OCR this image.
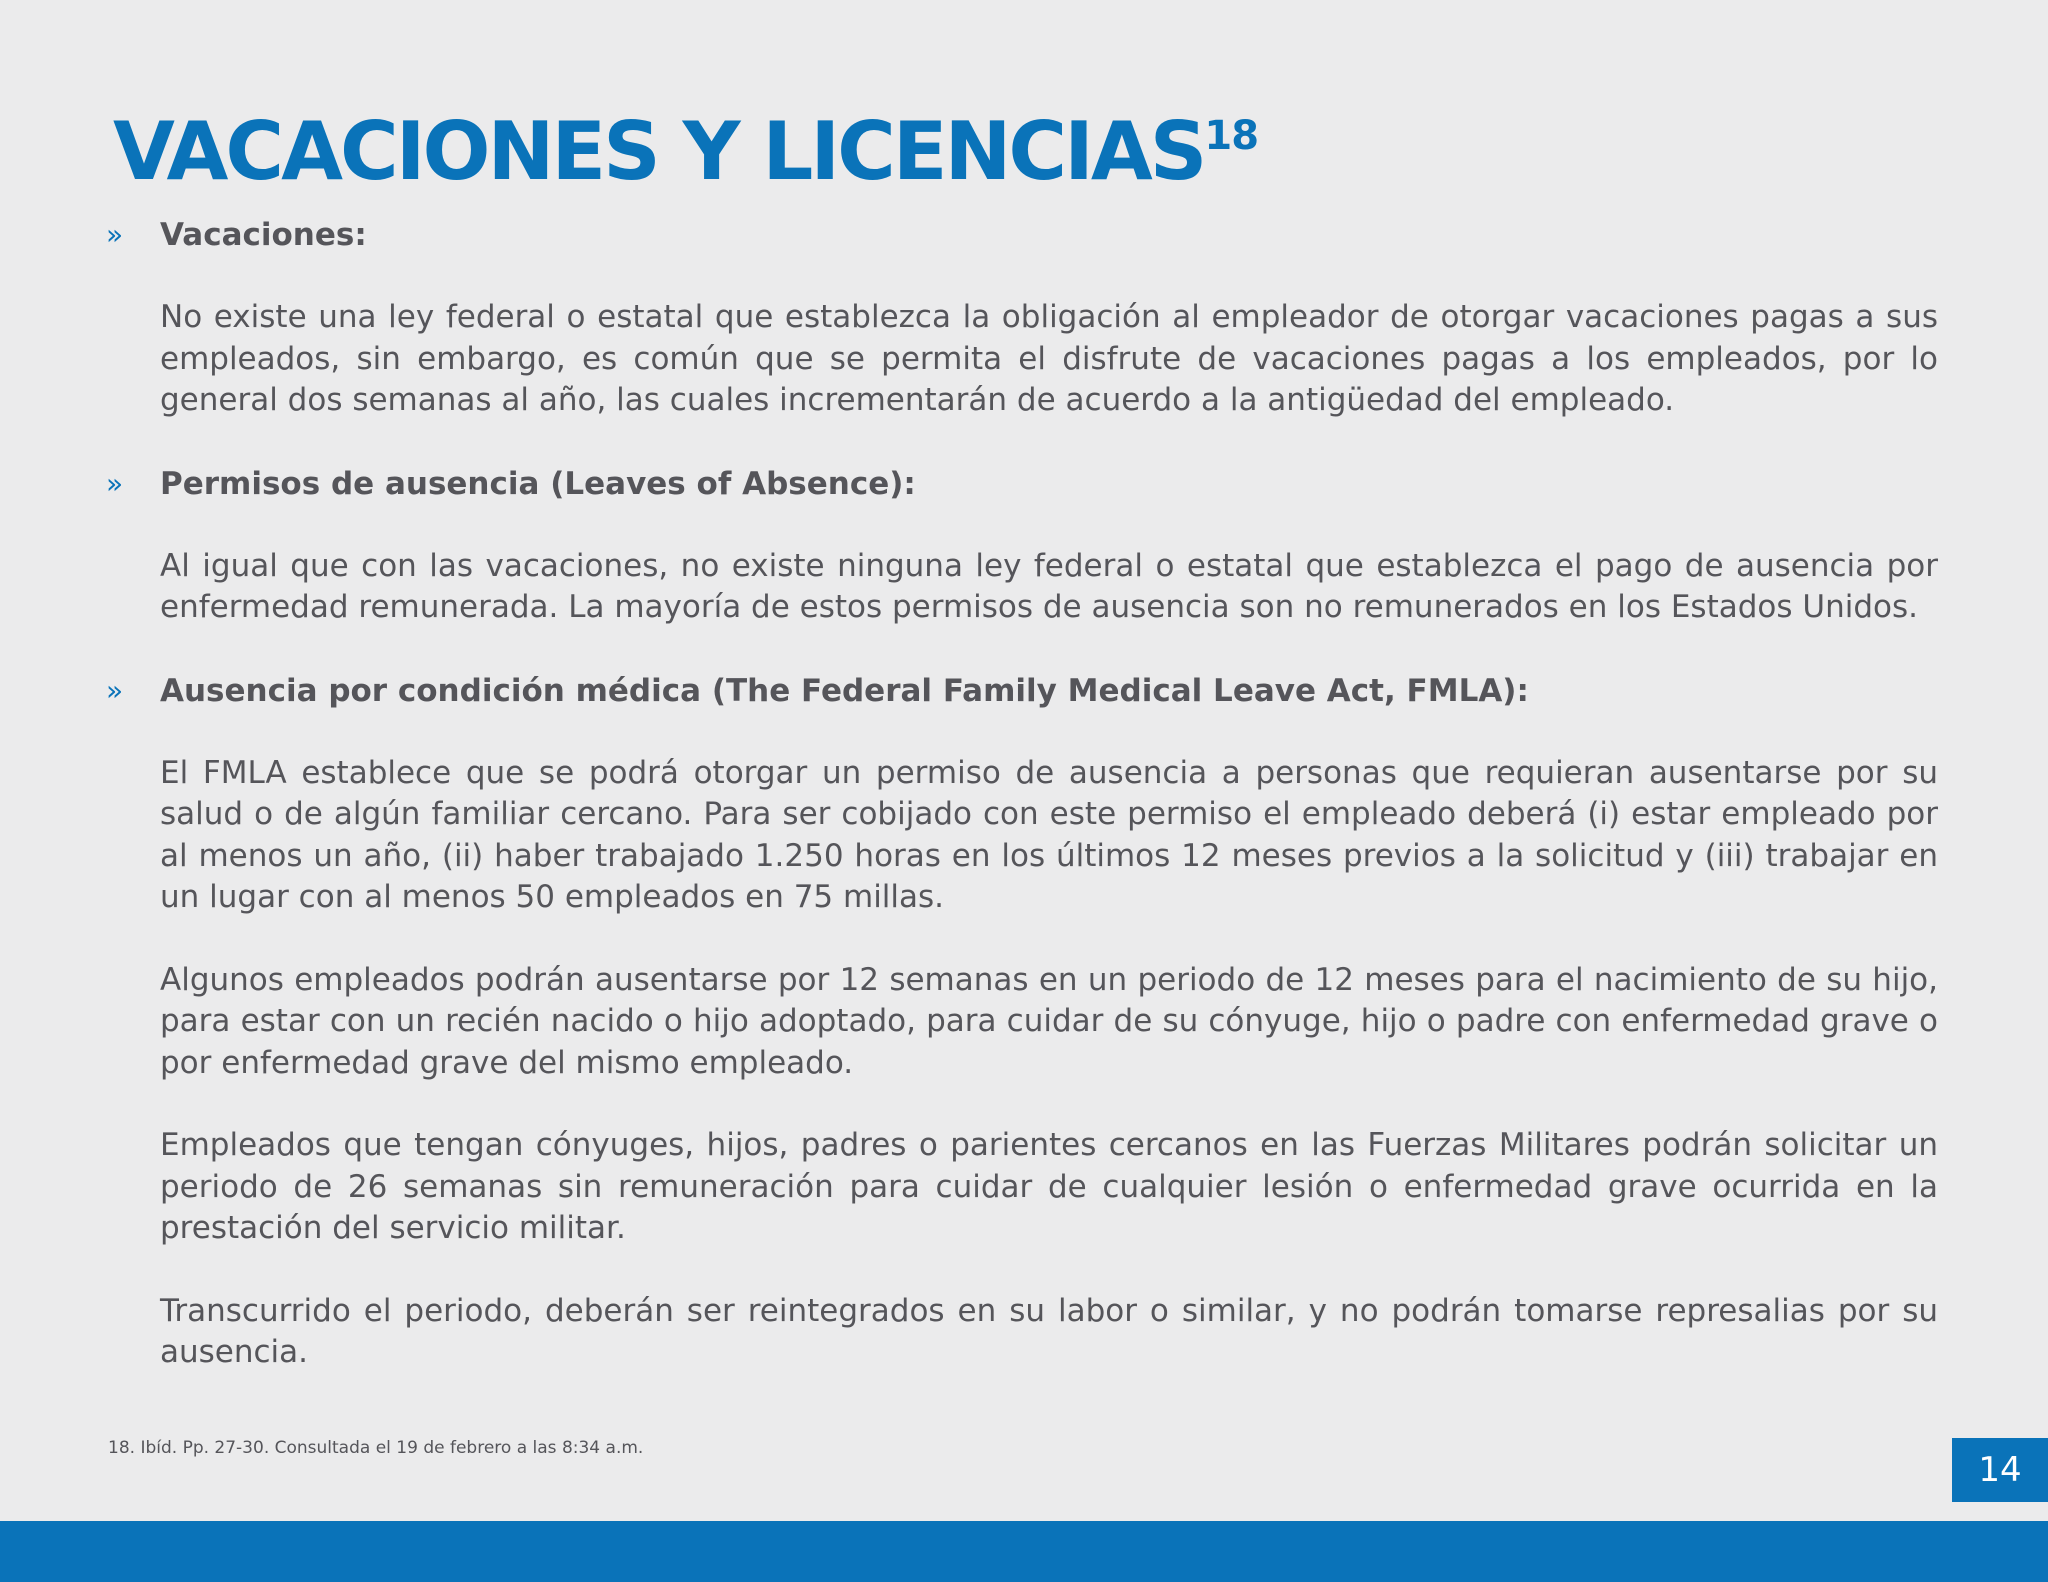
VACACIONES Y LICENCIAS$^{18}$
» Vacaciones:

No existe una ley federal o estatal que establezca la obligación al empleador de otorgar vacaciones pagas a sus empleados, sin embargo, es común que se permita el disfrute de vacaciones pagas a los empleados, por lo general dos semanas al año, las cuales incrementarán de acuerdo a la antigüedad del empleado.

» Permisos de ausencia (Leaves of Absence):

Al igual que con las vacaciones, no existe ninguna ley federal o estatal que establezca el pago de ausencia por enfermedad remunerada. La mayoría de estos permisos de ausencia son no remunerados en los Estados Unidos.

» Ausencia por condición médica (The Federal Family Medical Leave Act, FMLA):

El FMLA establece que se podrá otorgar un permiso de ausencia a personas que requieran ausentarse por su salud o de algún familiar cercano. Para ser cobijado con este permiso el empleado deberá (i) estar empleado por al menos un año, (ii) haber trabajado 1.250 horas en los últimos 12 meses previos a la solicitud y (iii) trabajar en un lugar con al menos 50 empleados en 75 millas.

Algunos empleados podrán ausentarse por 12 semanas en un periodo de 12 meses para el nacimiento de su hijo, para estar con un recién nacido o hijo adoptado, para cuidar de su cónyuge, hijo o padre con enfermedad grave o por enfermedad grave del mismo empleado.

Empleados que tengan cónyuges, hijos, padres o parientes cercanos en las Fuerzas Militares podrán solicitar un periodo de 26 semanas sin remuneración para cuidar de cualquier lesión o enfermedad grave ocurrida en la prestación del servicio militar.

Transcurrido el periodo, deberán ser reintegrados en su labor o similar, y no podrán tomarse represalias por su ausencia.

18. Ibíd. Pp. 27-30. Consultada el 19 de febrero a las 8:34 a.m.
14
